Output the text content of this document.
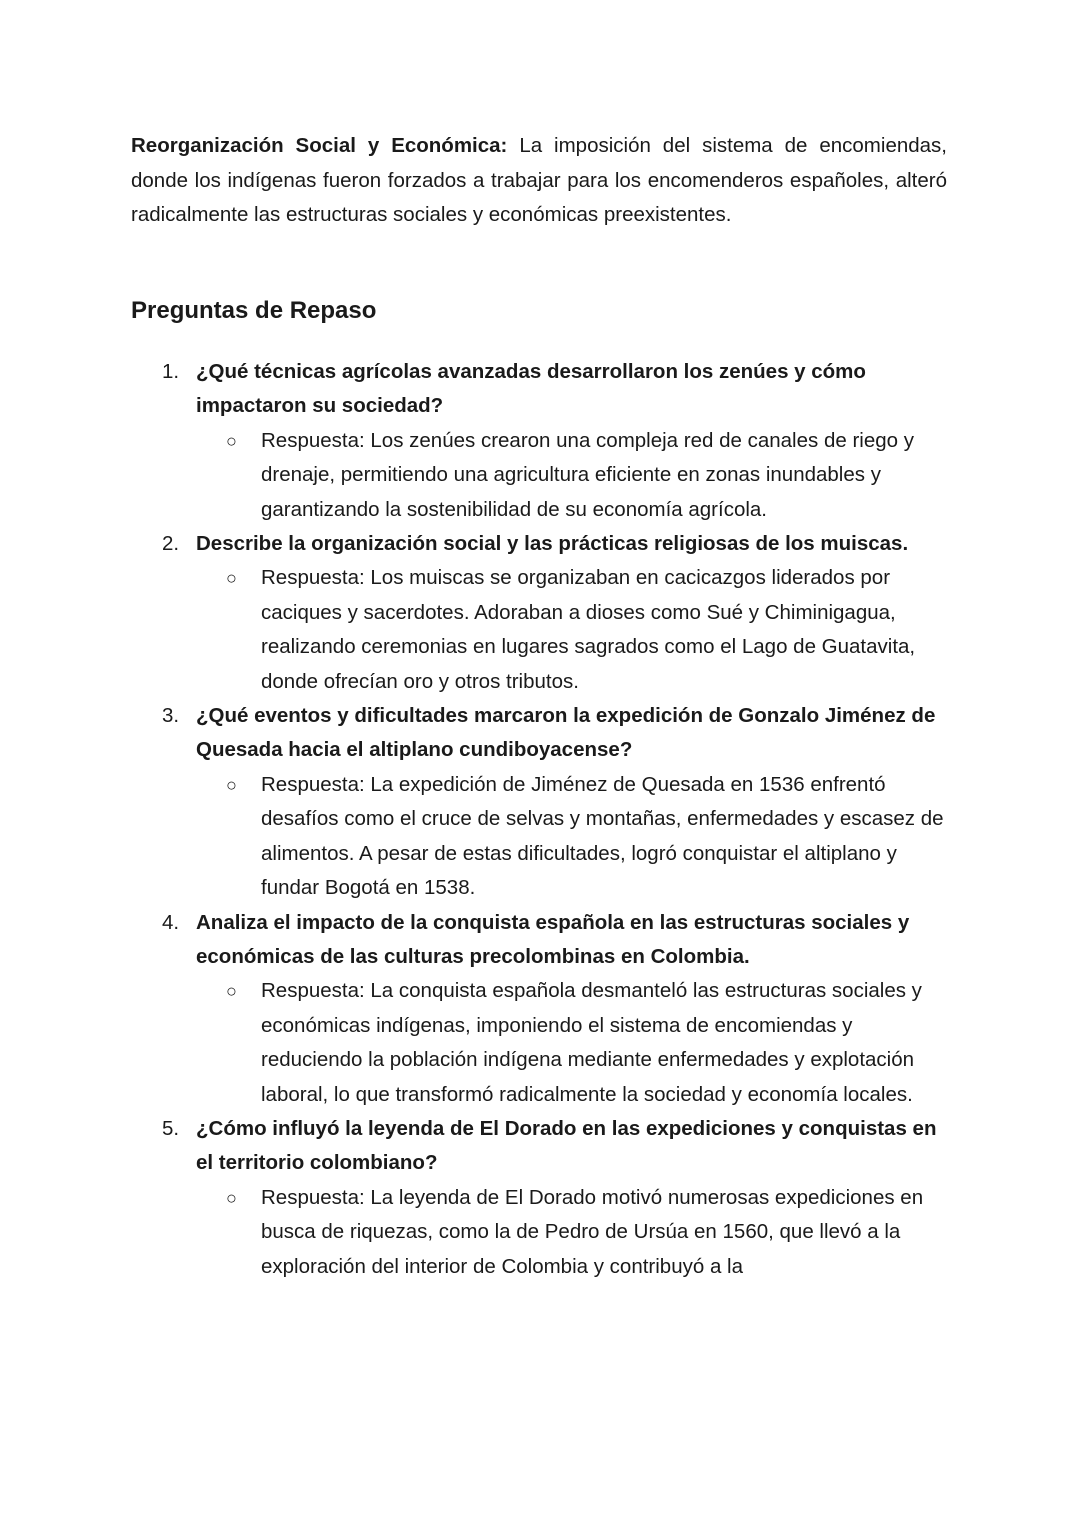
Reorganización Social y Económica: La imposición del sistema de encomiendas, donde los indígenas fueron forzados a trabajar para los encomenderos españoles, alteró radicalmente las estructuras sociales y económicas preexistentes.

Preguntas de Repaso
1. ¿Qué técnicas agrícolas avanzadas desarrollaron los zenúes y cómo impactaron su sociedad?

○ Respuesta: Los zenúes crearon una compleja red de canales de riego y drenaje, permitiendo una agricultura eficiente en zonas inundables y garantizando la sostenibilidad de su economía agrícola.

2. Describe la organización social y las prácticas religiosas de los muiscas.

○ Respuesta: Los muiscas se organizaban en cacicazgos liderados por caciques y sacerdotes. Adoraban a dioses como Sué y Chiminigagua, realizando ceremonias en lugares sagrados como el Lago de Guatavita, donde ofrecían oro y otros tributos.

3. ¿Qué eventos y dificultades marcaron la expedición de Gonzalo Jiménez de Quesada hacia el altiplano cundiboyacense?

○ Respuesta: La expedición de Jiménez de Quesada en 1536 enfrentó desafíos como el cruce de selvas y montañas, enfermedades y escasez de alimentos. A pesar de estas dificultades, logró conquistar el altiplano y fundar Bogotá en 1538.

4. Analiza el impacto de la conquista española en las estructuras sociales y económicas de las culturas precolombinas en Colombia.

○ Respuesta: La conquista española desmanteló las estructuras sociales y económicas indígenas, imponiendo el sistema de encomiendas y reduciendo la población indígena mediante enfermedades y explotación laboral, lo que transformó radicalmente la sociedad y economía locales.

5. ¿Cómo influyó la leyenda de El Dorado en las expediciones y conquistas en el territorio colombiano?

○ Respuesta: La leyenda de El Dorado motivó numerosas expediciones en busca de riquezas, como la de Pedro de Ursúa en 1560, que llevó a la exploración del interior de Colombia y contribuyó a la
